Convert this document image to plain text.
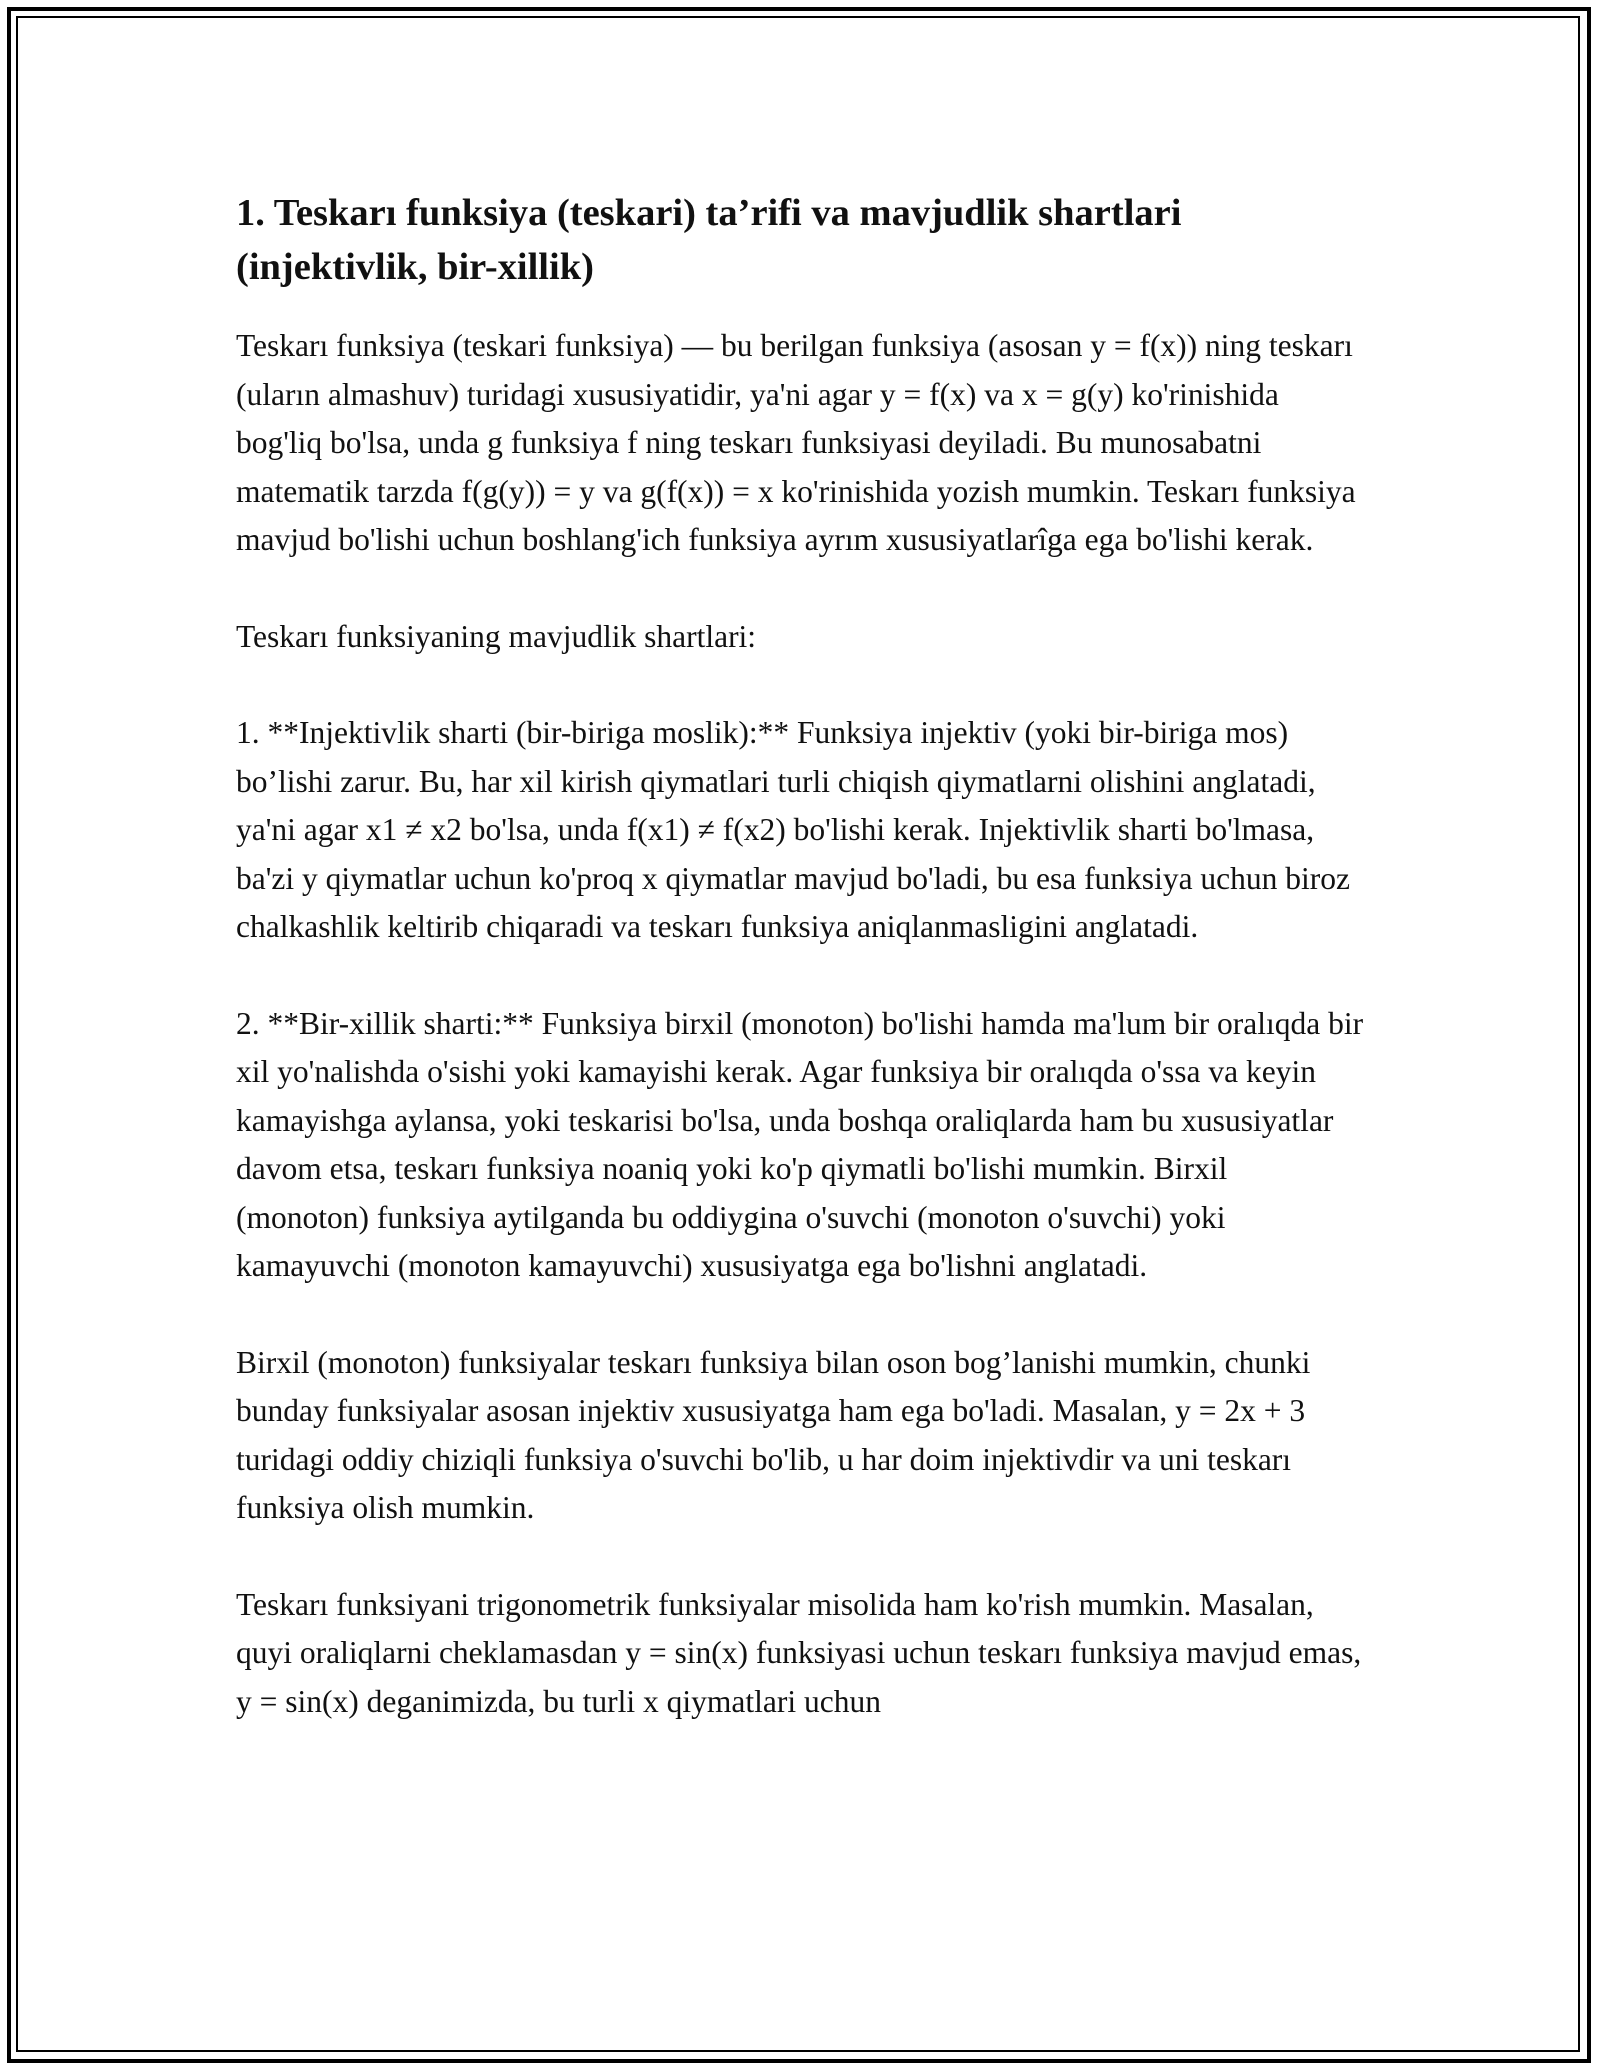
1. Teskarı funksiya (teskari) ta’rifi va mavjudlik shartlari (injektivlik, bir-xillik)

Teskarı funksiya (teskari funksiya) — bu berilgan funksiya (asosan y = f(x)) ning teskarı (uların almashuv) turidagi xususiyatidir, ya'ni agar y = f(x) va x = g(y) ko'rinishida bog'liq bo'lsa, unda g funksiya f ning teskarı funksiyasi deyiladi. Bu munosabatni matematik tarzda f(g(y)) = y va g(f(x)) = x ko'rinishida yozish mumkin. Teskarı funksiya mavjud bo'lishi uchun boshlang'ich funksiya ayrım xususiyatlarîga ega bo'lishi kerak.

Teskarı funksiyaning mavjudlik shartlari:

1. **Injektivlik sharti (bir-biriga moslik):** Funksiya injektiv (yoki bir-biriga mos) bo’lishi zarur. Bu, har xil kirish qiymatlari turli chiqish qiymatlarni olishini anglatadi, ya'ni agar x1 ≠ x2 bo'lsa, unda f(x1) ≠ f(x2) bo'lishi kerak. Injektivlik sharti bo'lmasa, ba'zi y qiymatlar uchun ko'proq x qiymatlar mavjud bo'ladi, bu esa funksiya uchun biroz chalkashlik keltirib chiqaradi va teskarı funksiya aniqlanmasligini anglatadi.

2. **Bir-xillik sharti:** Funksiya birxil (monoton) bo'lishi hamda ma'lum bir oralıqda bir xil yo'nalishda o'sishi yoki kamayishi kerak. Agar funksiya bir oralıqda o'ssa va keyin kamayishga aylansa, yoki teskarisi bo'lsa, unda boshqa oraliqlarda ham bu xususiyatlar davom etsa, teskarı funksiya noaniq yoki ko'p qiymatli bo'lishi mumkin. Birxil (monoton) funksiya aytilganda bu oddiygina o'suvchi (monoton o'suvchi) yoki kamayuvchi (monoton kamayuvchi) xususiyatga ega bo'lishni anglatadi.

Birxil (monoton) funksiyalar teskarı funksiya bilan oson bog’lanishi mumkin, chunki bunday funksiyalar asosan injektiv xususiyatga ham ega bo'ladi. Masalan, y = 2x + 3 turidagi oddiy chiziqli funksiya o'suvchi bo'lib, u har doim injektivdir va uni teskarı funksiya olish mumkin.

Teskarı funksiyani trigonometrik funksiyalar misolida ham ko'rish mumkin. Masalan, quyi oraliqlarni cheklamasdan y = sin(x) funksiyasi uchun teskarı funksiya mavjud emas, y = sin(x) deganimizda, bu turli x qiymatlari uchun
